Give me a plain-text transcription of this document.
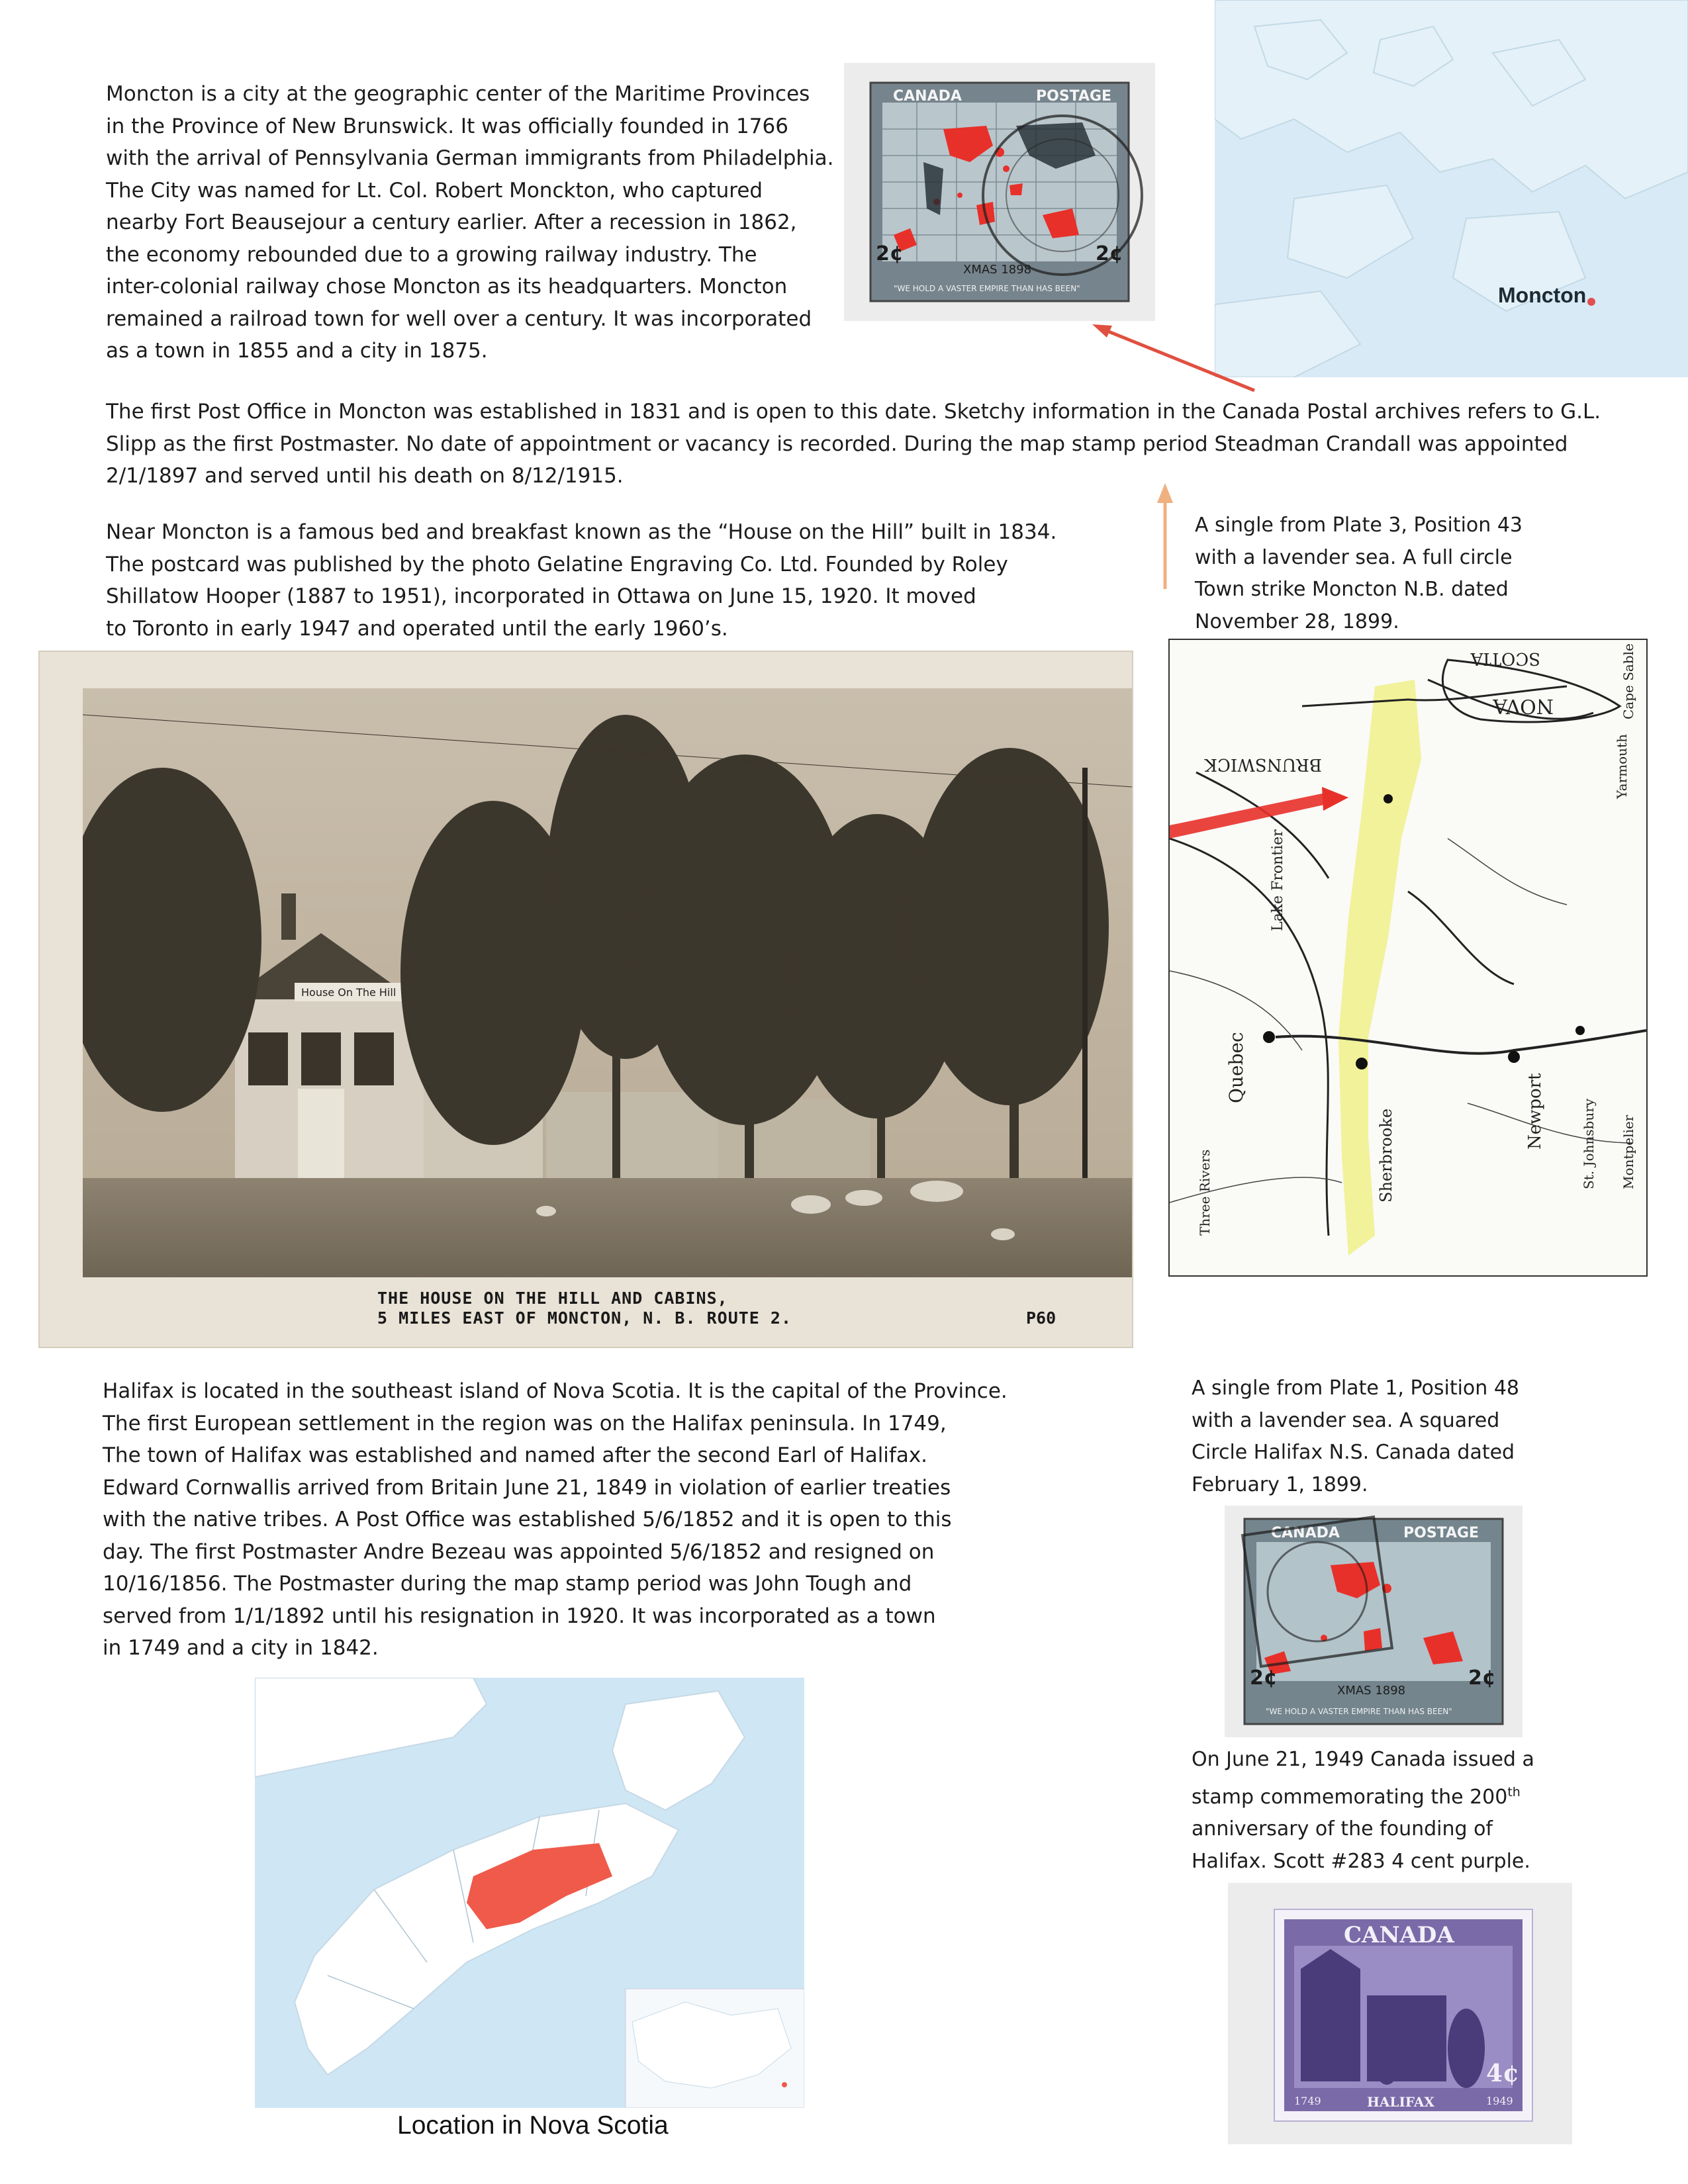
Moncton is a city at the geographic center of the Maritime Provinces
in the Province of New Brunswick. It was officially founded in 1766
with the arrival of Pennsylvania German immigrants from Philadelphia.
The City was named for Lt. Col. Robert Monckton, who captured
nearby Fort Beausejour a century earlier. After a recession in 1862,
the economy rebounded due to a growing railway industry. The
inter-colonial railway chose Moncton as its headquarters. Moncton
remained a railroad town for well over a century. It was incorporated
as a town in 1855 and a city in 1875.

CANADA	POSTAGE
XMAS 1898
"WE HOLD A VASTER EMPIRE THAN HAS BEEN"
2¢	2¢
Moncton

The first Post Office in Moncton was established in 1831 and is open to this date. Sketchy information in the Canada Postal archives refers to G.L.
Slipp as the first Postmaster. No date of appointment or vacancy is recorded. During the map stamp period Steadman Crandall was appointed
2/1/1897 and served until his death on 8/12/1915.

Near Moncton is a famous bed and breakfast known as the “House on the Hill” built in 1834.
The postcard was published by the photo Gelatine Engraving Co. Ltd. Founded by Roley
Shillatow Hooper (1887 to 1951), incorporated in Ottawa on June 15, 1920. It moved
to Toronto in early 1947 and operated until the early 1960’s.

A single from Plate 3, Position 43
with a lavender sea. A full circle
Town strike Moncton N.B. dated
November 28, 1899.

House On The Hill
THE HOUSE ON THE HILL AND CABINS,
5 MILES EAST OF MONCTON, N. B. ROUTE 2.	P60
NOVA
SCOTIA
BRUNSWICK
Quebec
Sherbrooke	Newport
Yarmouth
Cape Sable
St. Johnsbury Montpelier
Lake Frontier
Three Rivers

Halifax is located in the southeast island of Nova Scotia. It is the capital of the Province.
The first European settlement in the region was on the Halifax peninsula. In 1749,
The town of Halifax was established and named after the second Earl of Halifax.
Edward Cornwallis arrived from Britain June 21, 1849 in violation of earlier treaties
with the native tribes. A Post Office was established 5/6/1852 and it is open to this
day. The first Postmaster Andre Bezeau was appointed 5/6/1852 and resigned on
10/16/1856. The Postmaster during the map stamp period was John Tough and
served from 1/1/1892 until his resignation in 1920. It was incorporated as a town
in 1749 and a city in 1842.

A single from Plate 1, Position 48
with a lavender sea. A squared
Circle Halifax N.S. Canada dated
February 1, 1899.

CANADA	POSTAGE
XMAS 1898
"WE HOLD A VASTER EMPIRE THAN HAS BEEN"
2¢	2¢
On June 21, 1949 Canada issued a
stamp commemorating the 200th
anniversary of the founding of
Halifax. Scott #283 4 cent purple.
CANADA
4¢
1749	1949
HALIFAX
Location in Nova Scotia
